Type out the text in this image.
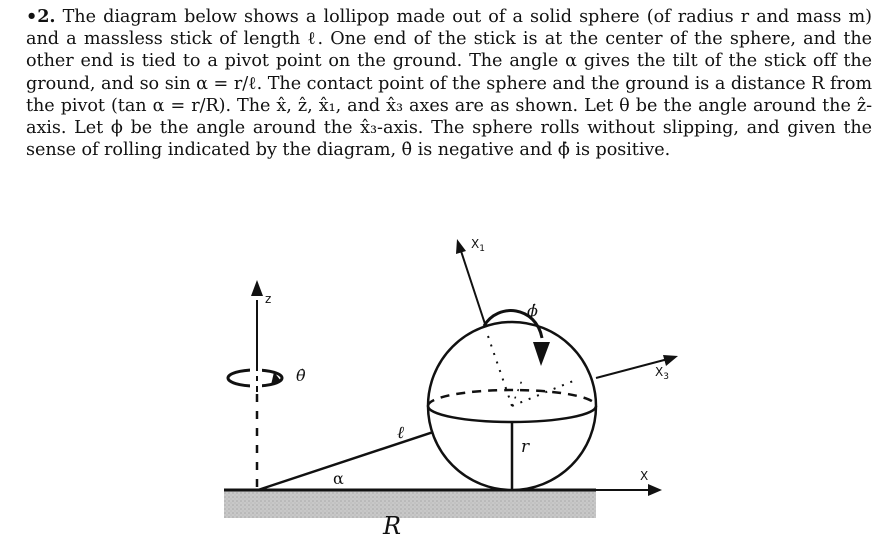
•2. The diagram below shows a lollipop made out of a solid sphere (of radius r and mass m) and a massless stick of length ℓ. One end of the stick is at the center of the sphere, and the other end is tied to a pivot point on the ground. The angle α gives the tilt of the stick off the ground, and so sin α = r/ℓ. The contact point of the sphere and the ground is a distance R from the pivot (tan α = r/R). The x̂, ẑ, x̂₁, and x̂₃ axes are as shown. Let θ be the angle around the ẑ-axis. Let ϕ be the angle around the x̂₃-axis. The sphere rolls without slipping, and given the sense of rolling indicated by the diagram, θ̇ is negative and ϕ̇ is positive.
X
z
θ̇
ℓ
α
R
r
$X_1$
ϕ̇
$X_3$
